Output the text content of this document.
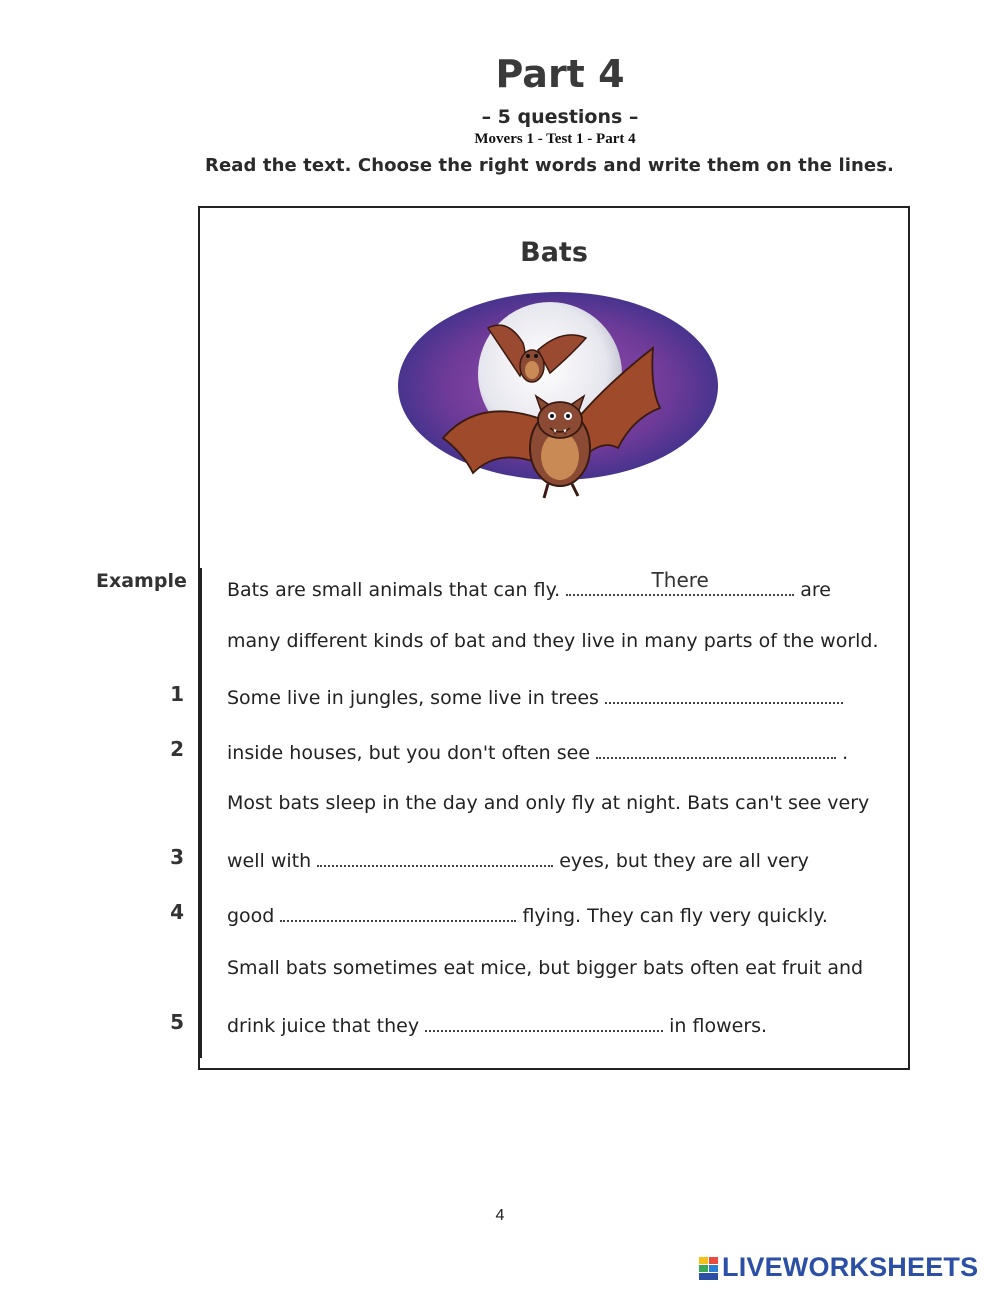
Part 4
– 5 questions –
Movers 1 - Test 1 - Part 4
Read the text. Choose the right words and write them on the lines.
Bats
Example Bats are small animals that can fly.	There	are
many different kinds of bat and they live in many parts of the world.
1 Some live in jungles, some live in trees
2 inside houses, but you don't often see	.
Most bats sleep in the day and only fly at night. Bats can't see very
3 well with	eyes, but they are all very
4 good	flying. They can fly very quickly.
Small bats sometimes eat mice, but bigger bats often eat fruit and
5 drink juice that they	in flowers.
4
LIVEWORKSHEETS
